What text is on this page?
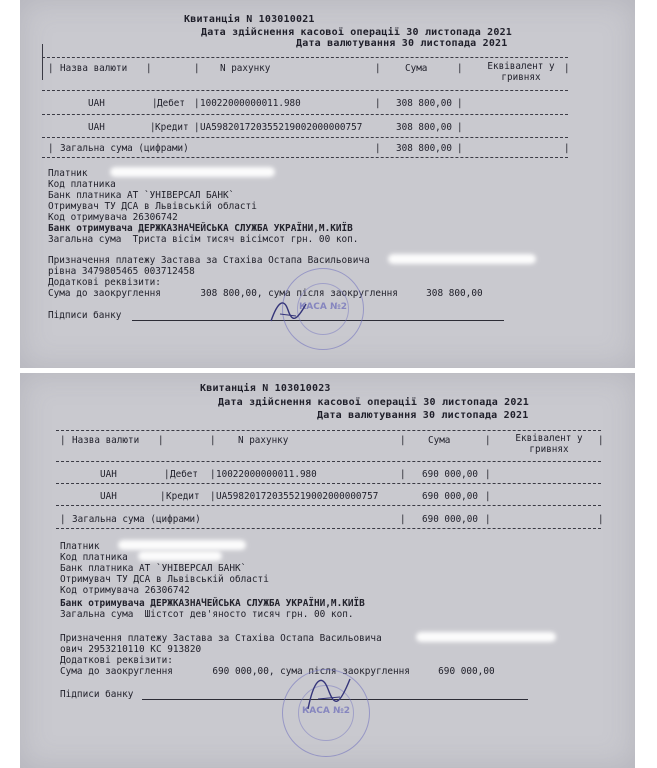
Квитанція N 103010021
Дата здійснення касової операції 30 листопада 2021
Дата валютування 30 листопада 2021
| Назва валюти |	| N рахунку	|	Сума	|	Еквівалент у гривнях
|
UAH	| Дебет | 10022000000011.980	| 308 800,00 |
UAH	| Кредит | UA598201720355219002000000757	308 800,00 |
| Загальна сума (цифрами)	| 308 800,00 |	|
Платник
Код платника
Банк платника АТ `УНІВЕРСАЛ БАНК`
Отримувач ТУ ДСА в Львівській області
Код отримувача 26306742
Банк отримувача ДЕРЖКАЗНАЧЕЙСЬКА СЛУЖБА УКРАЇНИ,М.КИЇВ
Загальна сума  Триста вісім тисяч вісімсот грн. 00 коп.
Призначення платежу Застава за Стахіва Остапа Васильовича
рівна 3479805465 003712458
Додаткові реквізити:
Сума до заокруглення       308 800,00, сума після заокруглення     308 800,00
Підписи банку
КАСА №2
Квитанція N 103010023
Дата здійснення касової операції 30 листопада 2021
Дата валютування 30 листопада 2021
| Назва валюти |	| N рахунку	| Сума	|	Еквівалент у гривнях
|
UAH	| Дебет | 10022000000011.980	| 690 000,00 |
UAH	| Кредит | UA598201720355219002000000757	690 000,00 |
| Загальна сума (цифрами)	| 690 000,00 |	|
Платник
Код платника
Банк платника АТ `УНІВЕРСАЛ БАНК`
Отримувач ТУ ДСА в Львівській області
Код отримувача 26306742
Банк отримувача ДЕРЖКАЗНАЧЕЙСЬКА СЛУЖБА УКРАЇНИ,М.КИЇВ
Загальна сума  Шістсот дев'яносто тисяч грн. 00 коп.
Призначення платежу Застава за Стахіва Остапа Васильовича
ович 2953210110 КС 913820
Додаткові реквізити:
Сума до заокруглення       690 000,00, сума після заокруглення     690 000,00
Підписи банку
КАСА №2
